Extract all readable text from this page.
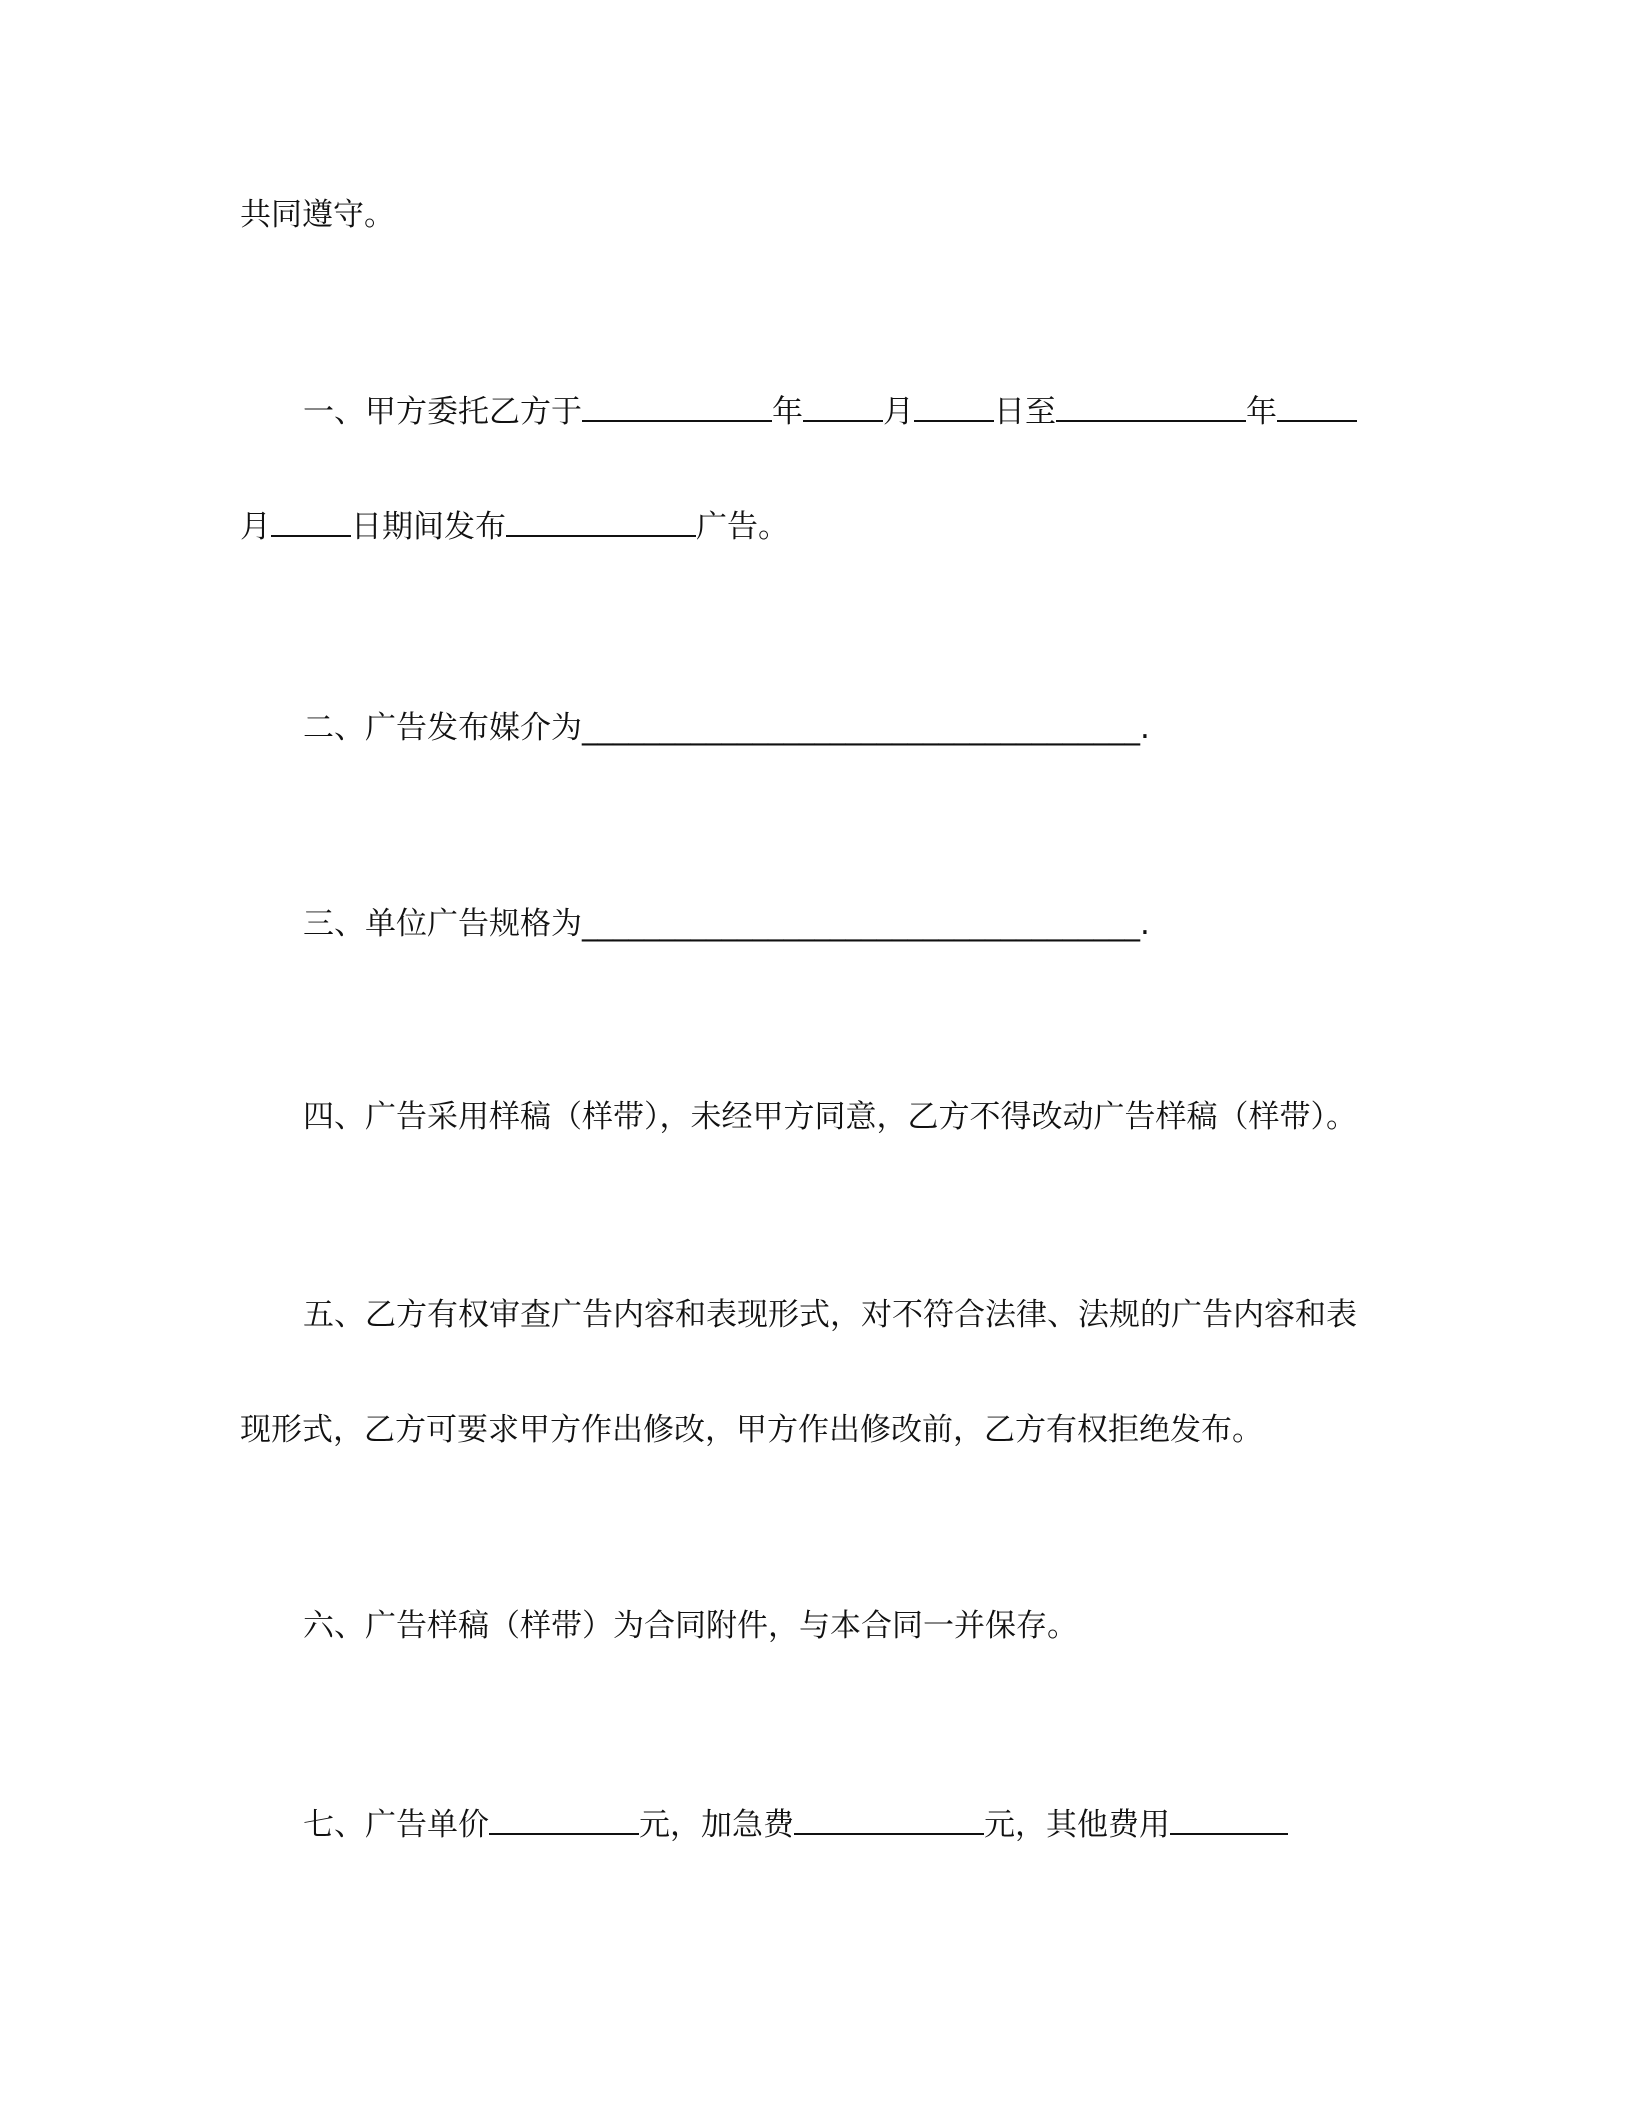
共同遵守。
一、甲方委托乙方于	年	月	日至	年
月	日期间发布	广告。
二、广告发布媒介为____________________________________.
三、单位广告规格为____________________________________.
四、广告采用样稿（样带），未经甲方同意，乙方不得改动广告样稿（样带）。
五、乙方有权审查广告内容和表现形式，对不符合法律、法规的广告内容和表
现形式，乙方可要求甲方作出修改，甲方作出修改前，乙方有权拒绝发布。
六、广告样稿（样带）为合同附件，与本合同一并保存。
七、广告单价	元，加急费	元，其他费用
